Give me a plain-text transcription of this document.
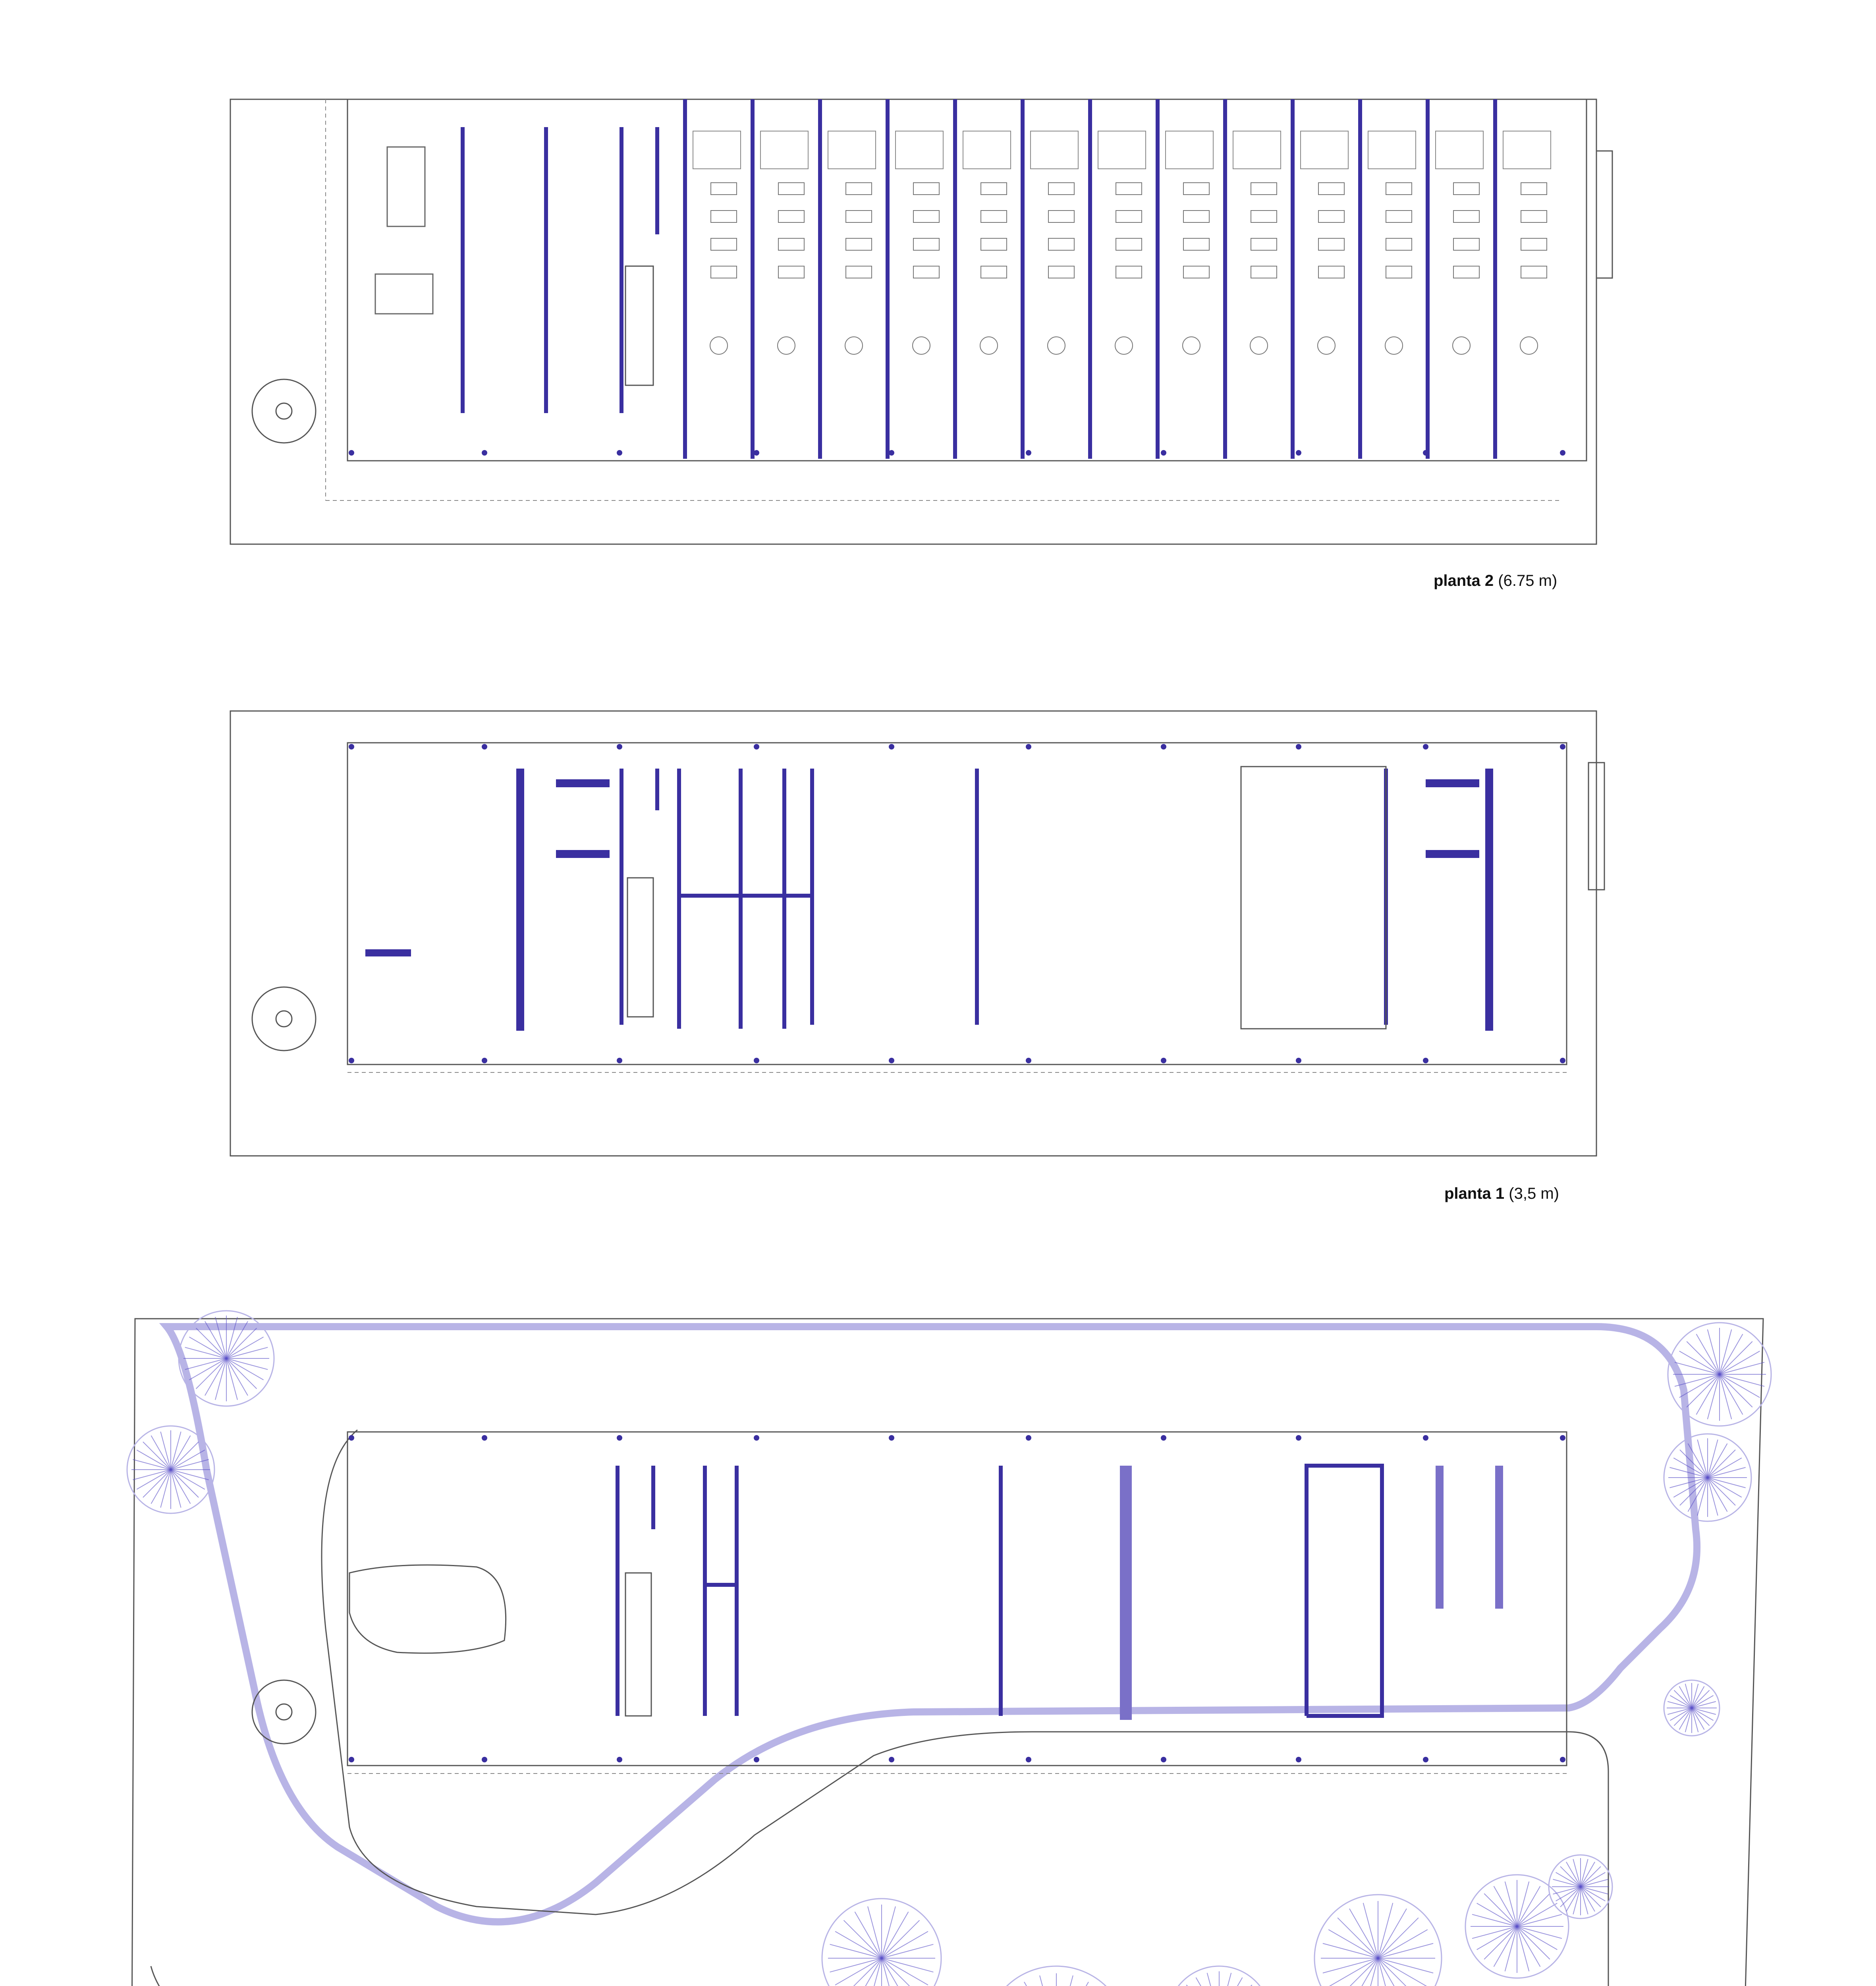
planta 2 (6.75 m)
planta 1 (3,5 m)
